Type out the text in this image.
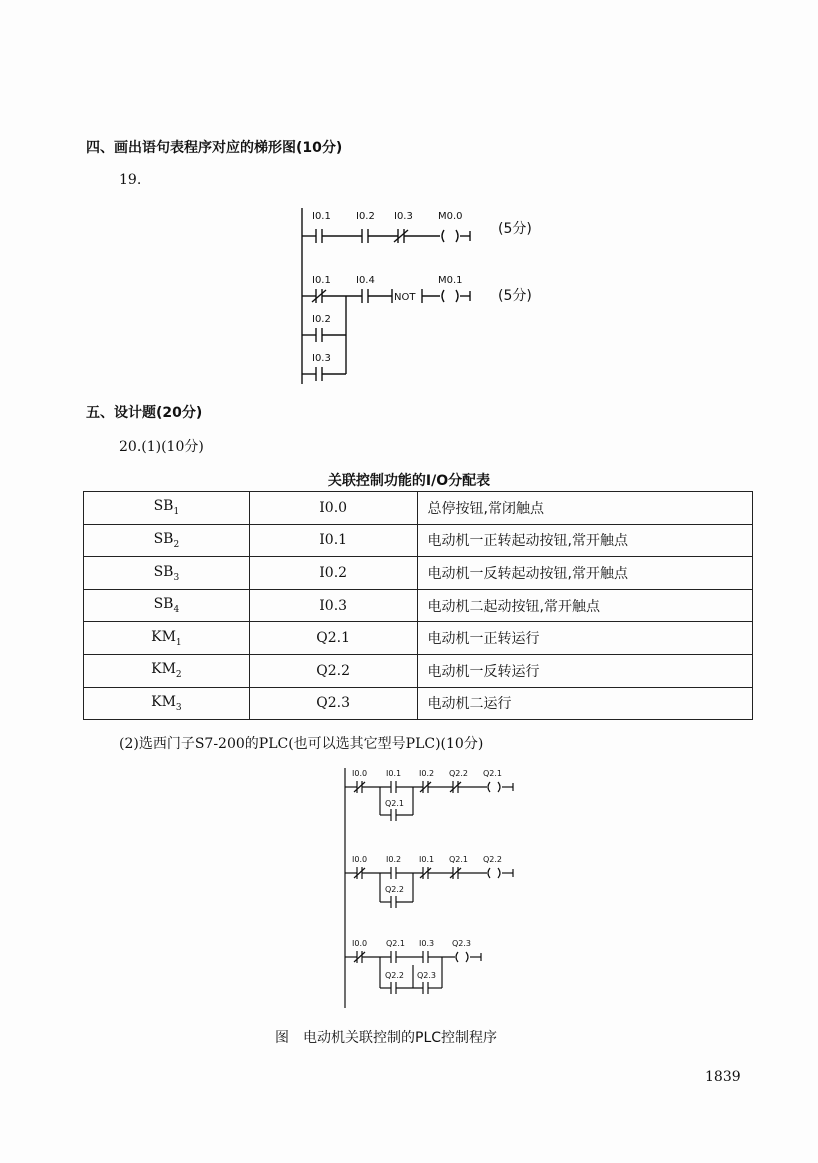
四、画出语句表程序对应的梯形图(10分)
19.
I0.1	I0.2 I0.3	M0.0
I0.1	I0.4	M0.1
NOT
I0.2
I0.3
(5分)
(5分)
五、设计题(20分)
20.(1)(10分)
关联控制功能的I/O分配表
$SB_1$	I0.0	总停按钮,常闭触点
$SB_2$	I0.1	电动机一正转起动按钮,常开触点
$SB_3$	I0.2	电动机一反转起动按钮,常开触点
$SB_4$	I0.3	电动机二起动按钮,常开触点
$KM_1$	Q2.1	电动机一正转运行
$KM_2$	Q2.2	电动机一反转运行
$KM_3$	Q2.3	电动机二运行
(2)选西门子S7-200的PLC(也可以选其它型号PLC)(10分)
I0.0 I0.1 I0.2 Q2.2 Q2.1
Q2.1
I0.0 I0.2 I0.1 Q2.1 Q2.2
Q2.2
I0.0 Q2.1 I0.3 Q2.3
Q2.2 Q2.3
图　电动机关联控制的PLC控制程序
1839
